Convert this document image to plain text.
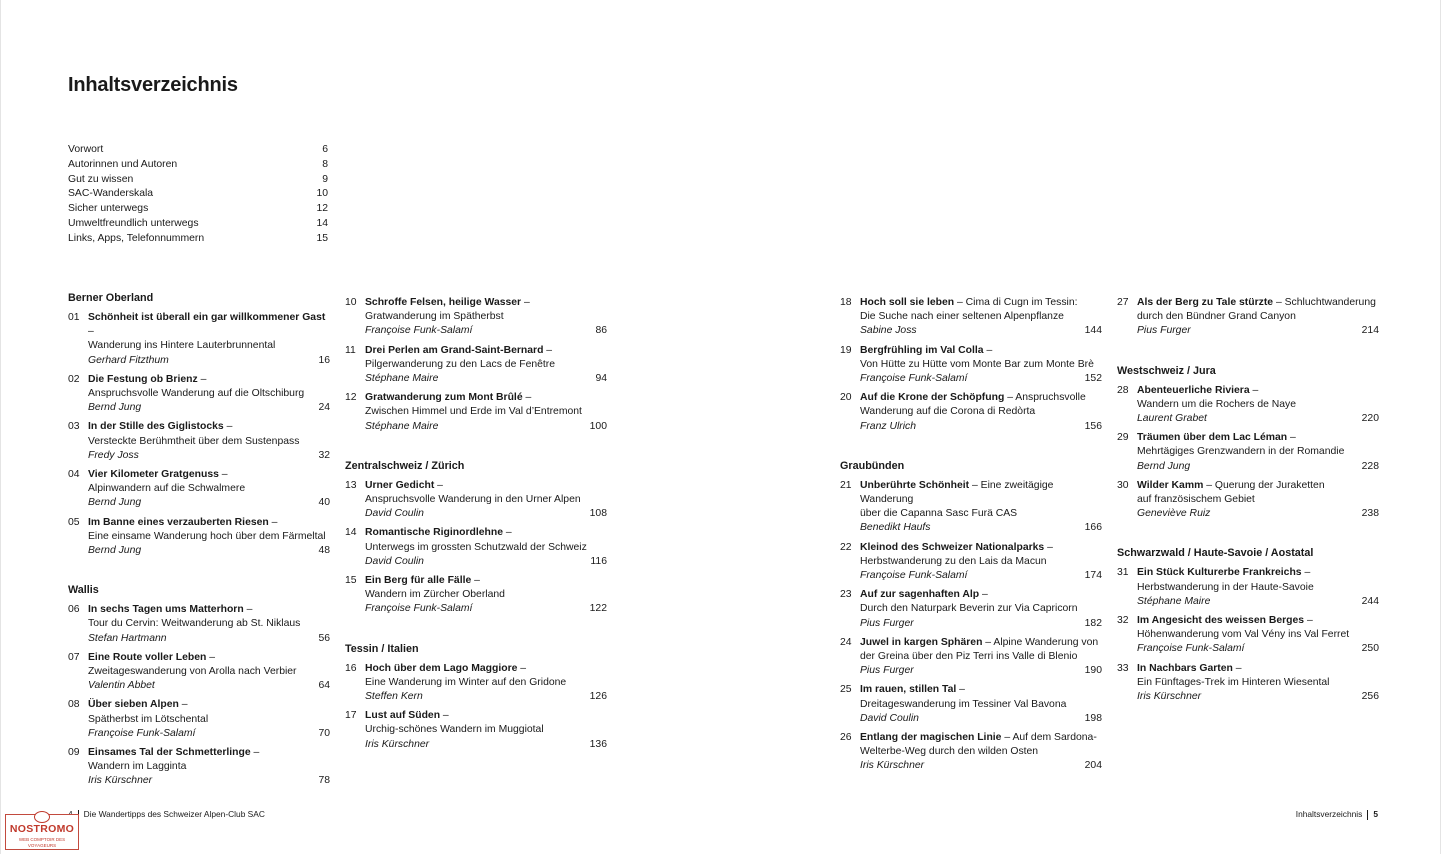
Inhaltsverzeichnis
Vorwort	6
Autorinnen und Autoren	8
Gut zu wissen	9
SAC-Wanderskala	10
Sicher unterwegs	12
Umweltfreundlich unterwegs	14
Links, Apps, Telefonnummern	15
Berner Oberland
01 Schönheit ist überall ein gar willkommener Gast –
Wanderung ins Hintere Lauterbrunnental
Gerhard Fitzthum	16
02 Die Festung ob Brienz –
Anspruchsvolle Wanderung auf die Oltschiburg
Bernd Jung	24
03 In der Stille des Giglistocks –
Versteckte Berühmtheit über dem Sustenpass
Fredy Joss	32
04 Vier Kilometer Gratgenuss –
Alpinwandern auf die Schwalmere
Bernd Jung	40
05 Im Banne eines verzauberten Riesen –
Eine einsame Wanderung hoch über dem Färmeltal
Bernd Jung	48
Wallis
06 In sechs Tagen ums Matterhorn –
Tour du Cervin: Weitwanderung ab St. Niklaus
Stefan Hartmann	56
07 Eine Route voller Leben –
Zweitageswanderung von Arolla nach Verbier
Valentin Abbet	64
08 Über sieben Alpen –
Spätherbst im Lötschental
Françoise Funk-Salamí	70
09 Einsames Tal der Schmetterlinge –
Wandern im Lagginta
Iris Kürschner	78
10 Schroffe Felsen, heilige Wasser –
Gratwanderung im Spätherbst
Françoise Funk-Salamí	86
11 Drei Perlen am Grand-Saint-Bernard –
Pilgerwanderung zu den Lacs de Fenêtre
Stéphane Maire	94
12 Gratwanderung zum Mont Brûlé –
Zwischen Himmel und Erde im Val d’Entremont
Stéphane Maire	100
Zentralschweiz / Zürich
13 Urner Gedicht –
Anspruchsvolle Wanderung in den Urner Alpen
David Coulin	108
14 Romantische Riginordlehne –
Unterwegs im grossten Schutzwald der Schweiz
David Coulin	116
15 Ein Berg für alle Fälle –
Wandern im Zürcher Oberland
Françoise Funk-Salamí	122
Tessin / Italien
16 Hoch über dem Lago Maggiore –
Eine Wanderung im Winter auf den Gridone
Steffen Kern	126
17 Lust auf Süden –
Urchig-schönes Wandern im Muggiotal
Iris Kürschner	136
18 Hoch soll sie leben – Cima di Cugn im Tessin:
Die Suche nach einer seltenen Alpenpflanze
Sabine Joss	144
19 Bergfrühling im Val Colla –
Von Hütte zu Hütte vom Monte Bar zum Monte Brè
Françoise Funk-Salamí	152
20 Auf die Krone der Schöpfung – Anspruchsvolle
Wanderung auf die Corona di Redòrta
Franz Ulrich	156
Graubünden
21 Unberührte Schönheit – Eine zweitägige Wanderung
über die Capanna Sasc Furä CAS
Benedikt Haufs	166
22 Kleinod des Schweizer Nationalparks –
Herbstwanderung zu den Lais da Macun
Françoise Funk-Salamí	174
23 Auf zur sagenhaften Alp –
Durch den Naturpark Beverin zur Via Capricorn
Pius Furger	182
24 Juwel in kargen Sphären – Alpine Wanderung von
der Greina über den Piz Terri ins Valle di Blenio
Pius Furger	190
25 Im rauen, stillen Tal –
Dreitageswanderung im Tessiner Val Bavona
David Coulin	198
26 Entlang der magischen Linie – Auf dem Sardona-
Welterbe-Weg durch den wilden Osten
Iris Kürschner	204
27 Als der Berg zu Tale stürzte – Schluchtwanderung
durch den Bündner Grand Canyon
Pius Furger	214
Westschweiz / Jura
28 Abenteuerliche Riviera –
Wandern um die Rochers de Naye
Laurent Grabet	220
29 Träumen über dem Lac Léman –
Mehrtägiges Grenzwandern in der Romandie
Bernd Jung	228
30 Wilder Kamm – Querung der Juraketten
auf französischem Gebiet
Geneviève Ruiz	238
Schwarzwald / Haute-Savoie / Aostatal
31 Ein Stück Kulturerbe Frankreichs –
Herbstwanderung in der Haute-Savoie
Stéphane Maire	244
32 Im Angesicht des weissen Berges –
Höhenwanderung vom Val Vény ins Val Ferret
Françoise Funk-Salamí	250
33 In Nachbars Garten –
Ein Fünftages-Trek im Hinteren Wiesental
Iris Kürschner	256
Die Wandertipps des Schweizer Alpen-Club SAC	Inhaltsverzeichnis 5
NOSTROMO
WEB COMPTOIR DES VOYAGEURS
